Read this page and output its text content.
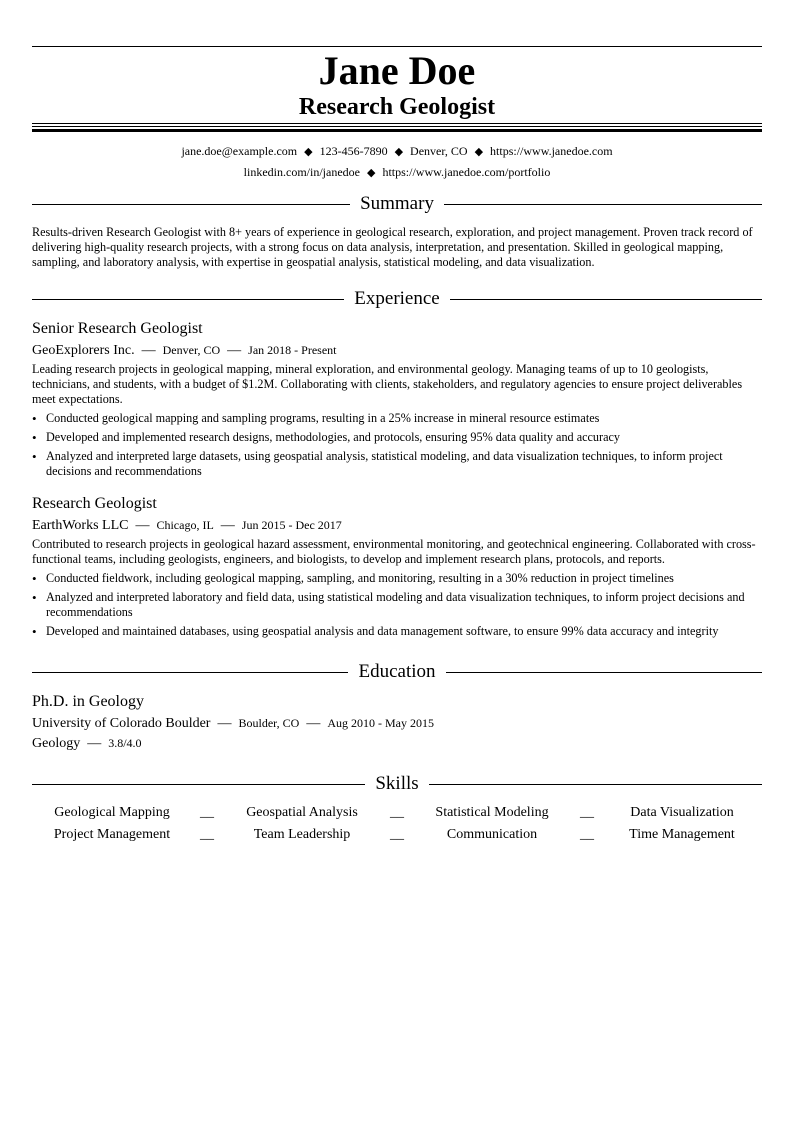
Jane Doe
Research Geologist
jane.doe@example.com ◆ 123-456-7890 ◆ Denver, CO ◆ https://www.janedoe.com
linkedin.com/in/janedoe ◆ https://www.janedoe.com/portfolio
Summary
Results-driven Research Geologist with 8+ years of experience in geological research, exploration, and project management. Proven track record of delivering high-quality research projects, with a strong focus on data analysis, interpretation, and presentation. Skilled in geological mapping, sampling, and laboratory analysis, with expertise in geospatial analysis, statistical modeling, and data visualization.
Experience
Senior Research Geologist
GeoExplorers Inc. — Denver, CO — Jan 2018 - Present
Leading research projects in geological mapping, mineral exploration, and environmental geology. Managing teams of up to 10 geologists, technicians, and students, with a budget of $1.2M. Collaborating with clients, stakeholders, and regulatory agencies to ensure project deliverables meet expectations.
• Conducted geological mapping and sampling programs, resulting in a 25% increase in mineral resource estimates
• Developed and implemented research designs, methodologies, and protocols, ensuring 95% data quality and accuracy
• Analyzed and interpreted large datasets, using geospatial analysis, statistical modeling, and data visualization techniques, to inform project decisions and recommendations
Research Geologist
EarthWorks LLC — Chicago, IL — Jun 2015 - Dec 2017
Contributed to research projects in geological hazard assessment, environmental monitoring, and geotechnical engineering. Collaborated with cross-functional teams, including geologists, engineers, and biologists, to develop and implement research plans, protocols, and reports.
• Conducted fieldwork, including geological mapping, sampling, and monitoring, resulting in a 30% reduction in project timelines
• Analyzed and interpreted laboratory and field data, using statistical modeling and data visualization techniques, to inform project decisions and recommendations
• Developed and maintained databases, using geospatial analysis and data management software, to ensure 99% data accuracy and integrity
Education
Ph.D. in Geology
University of Colorado Boulder — Boulder, CO — Aug 2010 - May 2015
Geology — 3.8/4.0
Skills
Geological Mapping	__	Geospatial Analysis	__	Statistical Modeling	__	Data Visualization
Project Management	__	Team Leadership	__	Communication	__	Time Management
